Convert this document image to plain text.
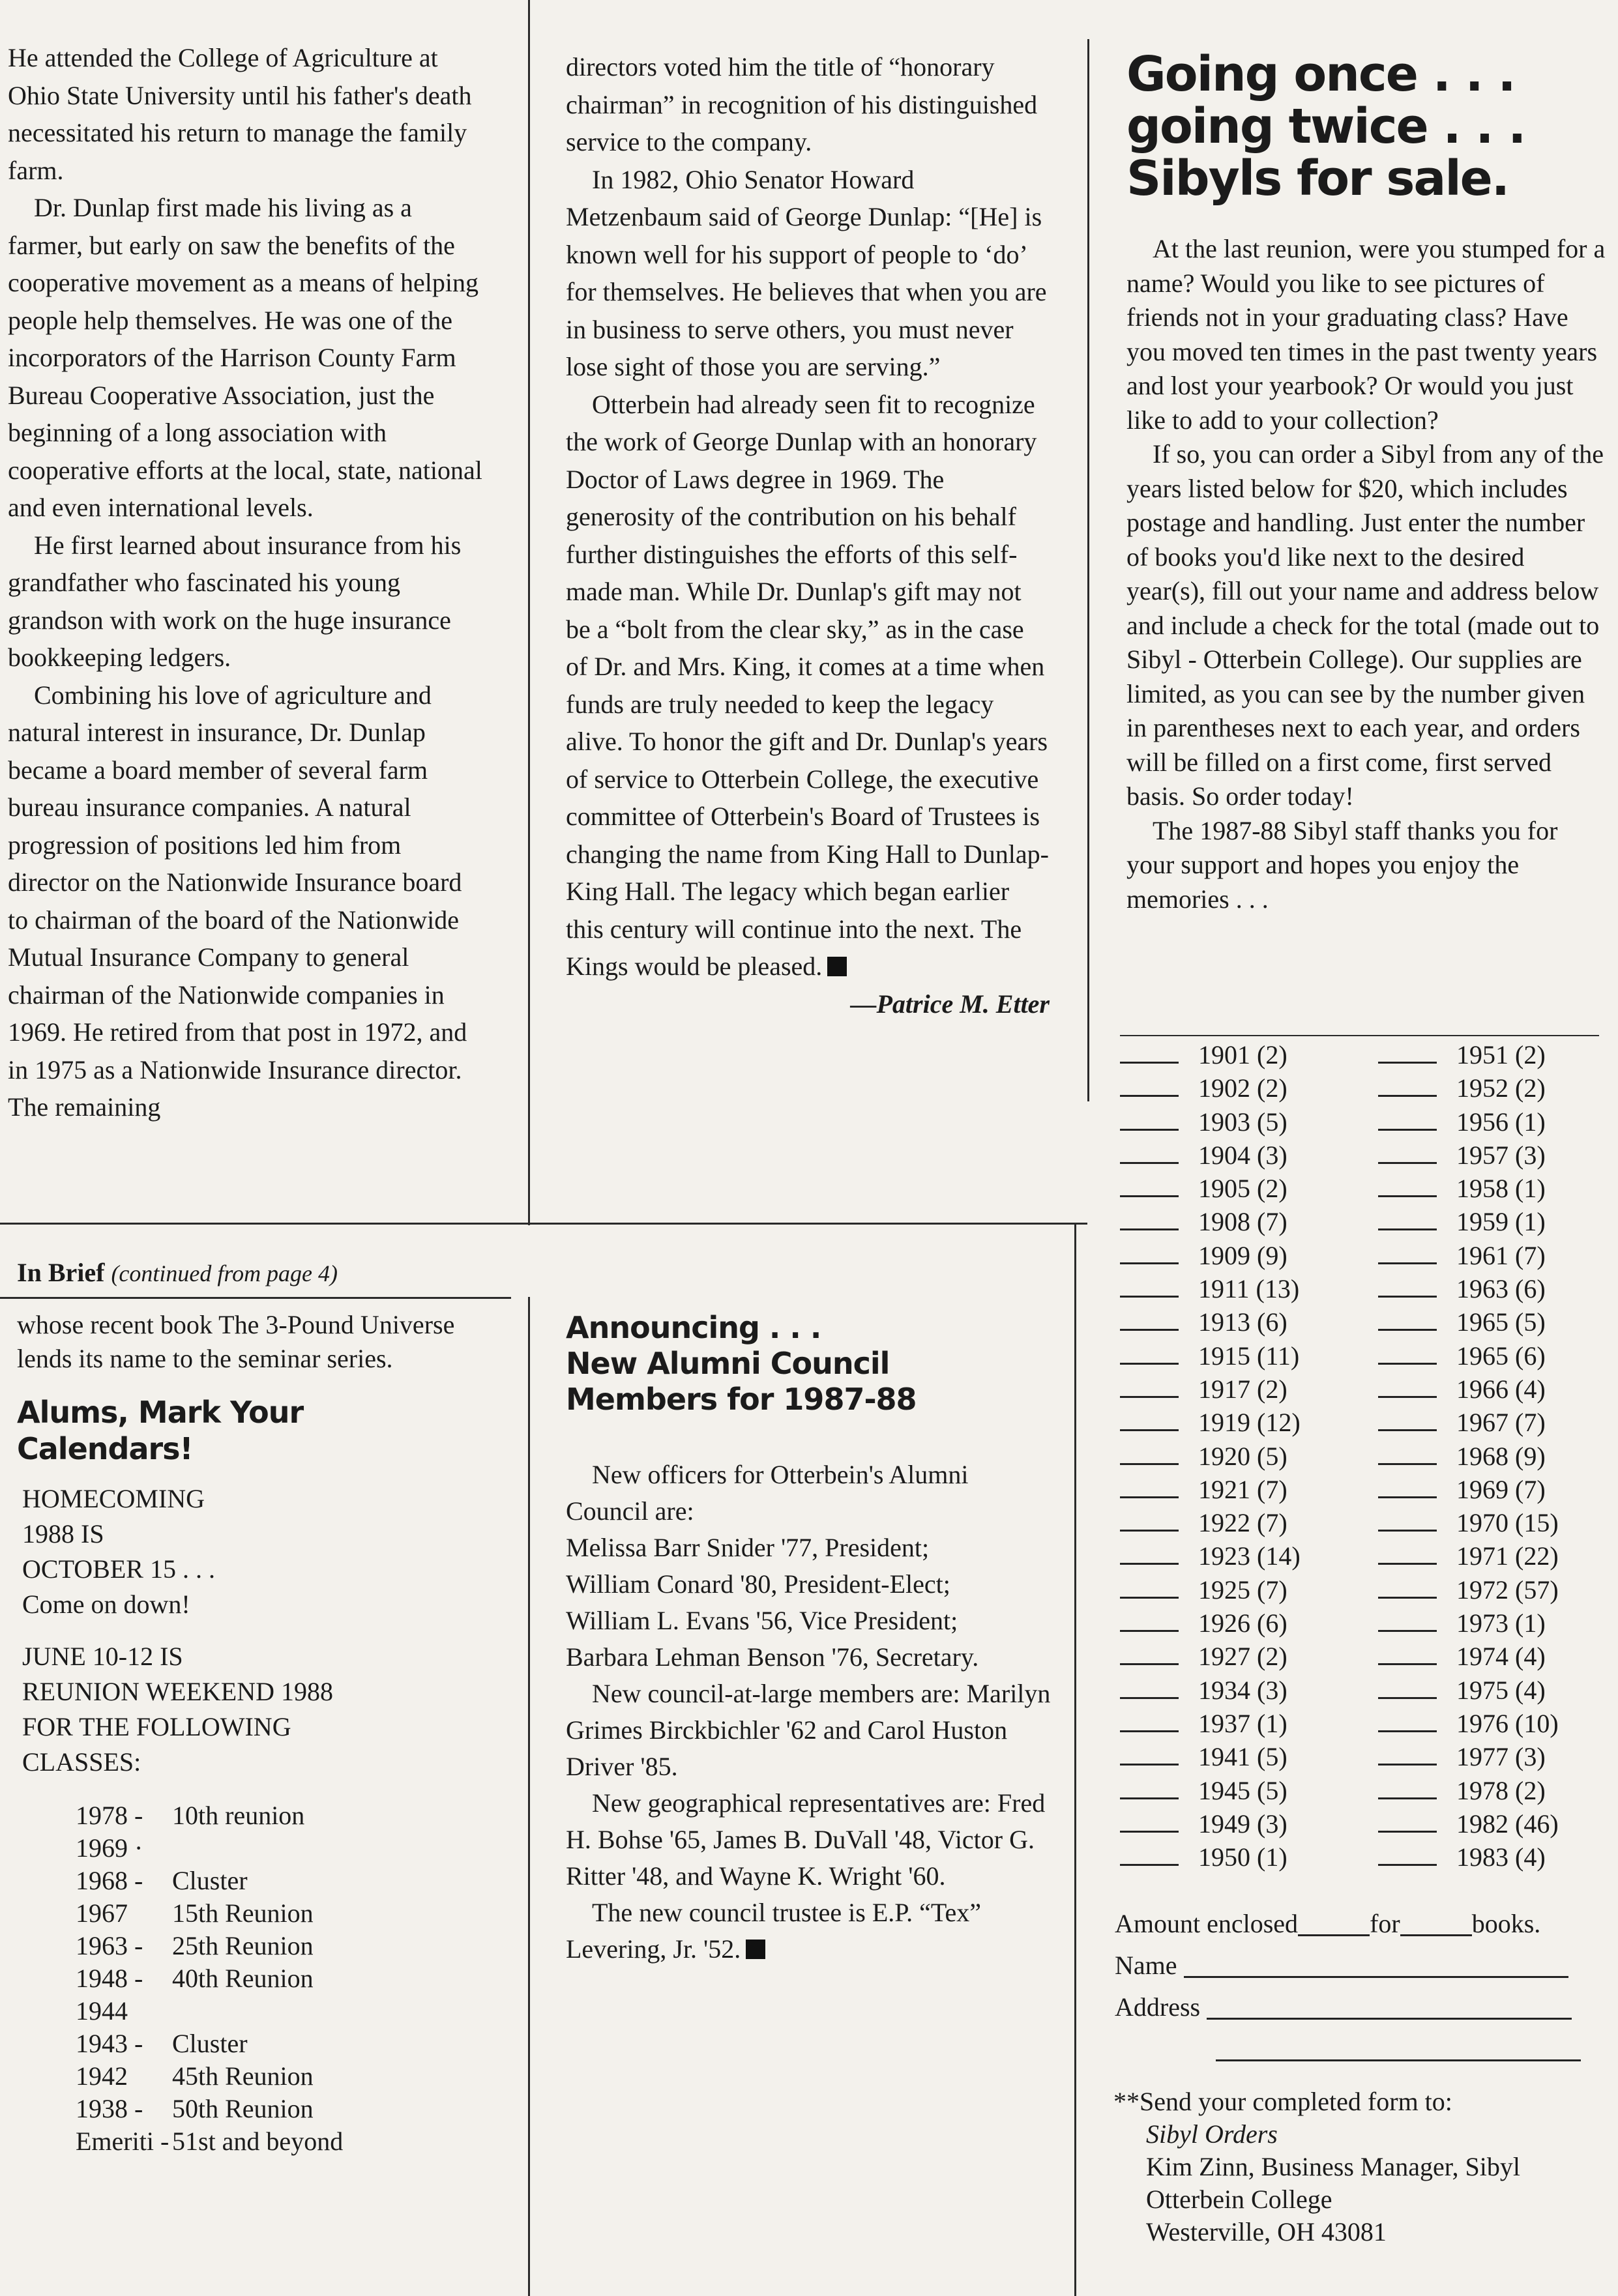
He attended the College of Agriculture at Ohio State University until his father's death necessitated his return to manage the family farm.

Dr. Dunlap first made his living as a farmer, but early on saw the benefits of the cooperative movement as a means of helping people help themselves. He was one of the incorporators of the Harrison County Farm Bureau Cooperative Association, just the beginning of a long association with cooperative efforts at the local, state, national and even international levels.

He first learned about insurance from his grandfather who fascinated his young grandson with work on the huge insurance bookkeeping ledgers.

Combining his love of agriculture and natural interest in insurance, Dr. Dunlap became a board member of several farm bureau insurance companies. A natural progression of positions led him from director on the Nationwide Insurance board to chairman of the board of the Nationwide Mutual Insurance Company to general chairman of the Nationwide companies in 1969. He retired from that post in 1972, and in 1975 as a Nationwide Insurance director. The remaining

directors voted him the title of “honorary chairman” in recognition of his distinguished service to the company.

In 1982, Ohio Senator Howard Metzenbaum said of George Dunlap: “[He] is known well for his support of people to ‘do’ for themselves. He believes that when you are in business to serve others, you must never lose sight of those you are serving.”

Otterbein had already seen fit to recognize the work of George Dunlap with an honorary Doctor of Laws degree in 1969. The generosity of the contribution on his behalf further distinguishes the efforts of this self-made man. While Dr. Dunlap's gift may not be a “bolt from the clear sky,” as in the case of Dr. and Mrs. King, it comes at a time when funds are truly needed to keep the legacy alive. To honor the gift and Dr. Dunlap's years of service to Otterbein College, the executive committee of Otterbein's Board of Trustees is changing the name from King Hall to Dunlap-King Hall. The legacy which began earlier this century will continue into the next. The Kings would be pleased.

—Patrice M. Etter

Going once . . .
going twice . . .
Sibyls for sale.

At the last reunion, were you stumped for a name? Would you like to see pictures of friends not in your graduating class? Have you moved ten times in the past twenty years and lost your yearbook? Or would you just like to add to your collection?

If so, you can order a Sibyl from any of the years listed below for $20, which includes postage and handling. Just enter the number of books you'd like next to the desired year(s), fill out your name and address below and include a check for the total (made out to Sibyl - Otterbein College). Our supplies are limited, as you can see by the number given in parentheses next to each year, and orders will be filled on a first come, first served basis. So order today!

The 1987-88 Sibyl staff thanks you for your support and hopes you enjoy the memories . . .

1901 (2)
1902 (2)
1903 (5)
1904 (3)
1905 (2)
1908 (7)
1909 (9)
1911 (13)
1913 (6)
1915 (11)
1917 (2)
1919 (12)
1920 (5)
1921 (7)
1922 (7)
1923 (14)
1925 (7)
1926 (6)
1927 (2)
1934 (3)
1937 (1)
1941 (5)
1945 (5)
1949 (3)
1950 (1)
1951 (2)
1952 (2)
1956 (1)
1957 (3)
1958 (1)
1959 (1)
1961 (7)
1963 (6)
1965 (5)
1965 (6)
1966 (4)
1967 (7)
1968 (9)
1969 (7)
1970 (15)
1971 (22)
1972 (57)
1973 (1)
1974 (4)
1975 (4)
1976 (10)
1977 (3)
1978 (2)
1982 (46)
1983 (4)
Amount enclosed	for	books.
Name
Address
**Send your completed form to:
Sibyl Orders
Kim Zinn, Business Manager, Sibyl
Otterbein College
Westerville, OH 43081
In Brief (continued from page 4)

whose recent book The 3-Pound Universe lends its name to the seminar series.

Alums, Mark Your
Calendars!
HOMECOMING
1988 IS
OCTOBER 15 . . .
Come on down!
JUNE 10-12 IS
REUNION WEEKEND 1988
FOR THE FOLLOWING
CLASSES:
1978 -	10th reunion
1969 ·
1968 -	Cluster
1967	15th Reunion
1963 -	25th Reunion
1948 -	40th Reunion
1944
1943 -	Cluster
1942	45th Reunion
1938 -	50th Reunion
Emeriti - 51st and beyond
Announcing . . .
New Alumni Council
Members for 1987-88

New officers for Otterbein's Alumni Council are:

Melissa Barr Snider '77, President;

William Conard '80, President-Elect;

William L. Evans '56, Vice President;

Barbara Lehman Benson '76, Secretary.

New council-at-large members are: Marilyn Grimes Birckbichler '62 and Carol Huston Driver '85.

New geographical representatives are: Fred H. Bohse '65, James B. DuVall '48, Victor G. Ritter '48, and Wayne K. Wright '60.

The new council trustee is E.P. “Tex” Levering, Jr. '52.
